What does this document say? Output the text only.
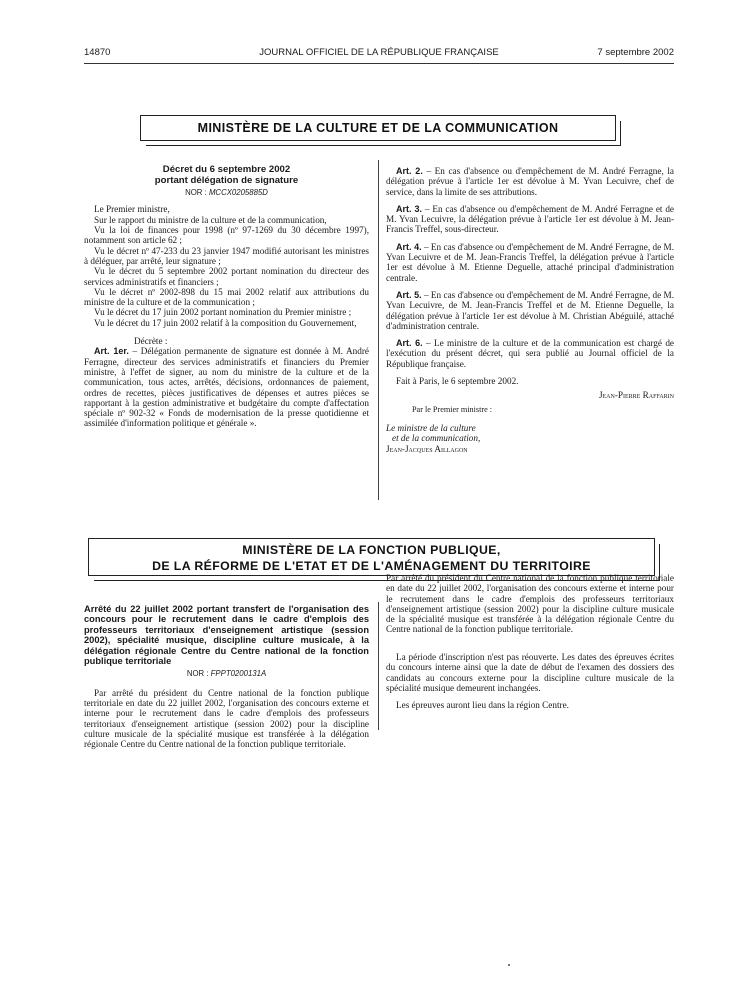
14870	JOURNAL OFFICIEL DE LA RÉPUBLIQUE FRANÇAISE	7 septembre 2002
MINISTÈRE DE LA CULTURE ET DE LA COMMUNICATION
Décret du 6 septembre 2002
portant délégation de signature
NOR : MCCX0205885D

Le Premier ministre,

Sur le rapport du ministre de la culture et de la communication,

Vu la loi de finances pour 1998 (nº 97-1269 du 30 décembre 1997), notamment son article 62 ;

Vu le décret nº 47-233 du 23 janvier 1947 modifié autorisant les ministres à déléguer, par arrêté, leur signature ;

Vu le décret du 5 septembre 2002 portant nomination du directeur des services administratifs et financiers ;

Vu le décret nº 2002-898 du 15 mai 2002 relatif aux attributions du ministre de la culture et de la communication ;

Vu le décret du 17 juin 2002 portant nomination du Premier ministre ;

Vu le décret du 17 juin 2002 relatif à la composition du Gouvernement,

Décrète :

Art. 1er. – Délégation permanente de signature est donnée à M. André Ferragne, directeur des services administratifs et financiers du Premier ministre, à l'effet de signer, au nom du ministre de la culture et de la communication, tous actes, arrêtés, décisions, ordonnances de paiement, ordres de recettes, pièces justificatives de dépenses et autres pièces se rapportant à la gestion administrative et budgétaire du compte d'affectation spéciale nº 902-32 « Fonds de modernisation de la presse quotidienne et assimilée d'information politique et générale ».

Art. 2. – En cas d'absence ou d'empêchement de M. André Ferragne, la délégation prévue à l'article 1er est dévolue à M. Yvan Lecuivre, chef de service, dans la limite de ses attributions.

Art. 3. – En cas d'absence ou d'empêchement de M. André Ferragne et de M. Yvan Lecuivre, la délégation prévue à l'article 1er est dévolue à M. Jean-Francis Treffel, sous-directeur.

Art. 4. – En cas d'absence ou d'empêchement de M. André Ferragne, de M. Yvan Lecuivre et de M. Jean-Francis Treffel, la délégation prévue à l'article 1er est dévolue à M. Etienne Deguelle, attaché principal d'administration centrale.

Art. 5. – En cas d'absence ou d'empêchement de M. André Ferragne, de M. Yvan Lecuivre, de M. Jean-Francis Treffel et de M. Etienne Deguelle, la délégation prévue à l'article 1er est dévolue à M. Christian Abéguilé, attaché d'administration centrale.

Art. 6. – Le ministre de la culture et de la communication est chargé de l'exécution du présent décret, qui sera publié au Journal officiel de la République française.

Fait à Paris, le 6 septembre 2002.

Jean-Pierre Raffarin

Par le Premier ministre :

Le ministre de la culture

et de la communication,

Jean-Jacques Aillagon

MINISTÈRE DE LA FONCTION PUBLIQUE,
DE LA RÉFORME DE L'ETAT ET DE L'AMÉNAGEMENT DU TERRITOIRE
Arrêté du 22 juillet 2002 portant transfert de l'organisation des concours pour le recrutement dans le cadre d'emplois des professeurs territoriaux d'enseignement artistique (session 2002), spécialité musique, discipline culture musicale, à la délégation régionale Centre du Centre national de la fonction publique territoriale
NOR : FPPT0200131A

Par arrêté du président du Centre national de la fonction publique territoriale en date du 22 juillet 2002, l'organisation des concours externe et interne pour le recrutement dans le cadre d'emplois des professeurs territoriaux d'enseignement artistique (session 2002) pour la discipline culture musicale de la spécialité musique est transférée à la délégation régionale Centre du Centre national de la fonction publique territoriale.

Par arrêté du président du Centre national de la fonction publique territoriale en date du 22 juillet 2002, l'organisation des concours externe et interne pour le recrutement dans le cadre d'emplois des professeurs territoriaux d'enseignement artistique (session 2002) pour la discipline culture musicale de la spécialité musique est transférée à la délégation régionale Centre du Centre national de la fonction publique territoriale.

La période d'inscription n'est pas réouverte. Les dates des épreuves écrites du concours interne ainsi que la date de début de l'examen des dossiers des candidats au concours externe pour la discipline culture musicale de la spécialité musique demeurent inchangées.

Les épreuves auront lieu dans la région Centre.
